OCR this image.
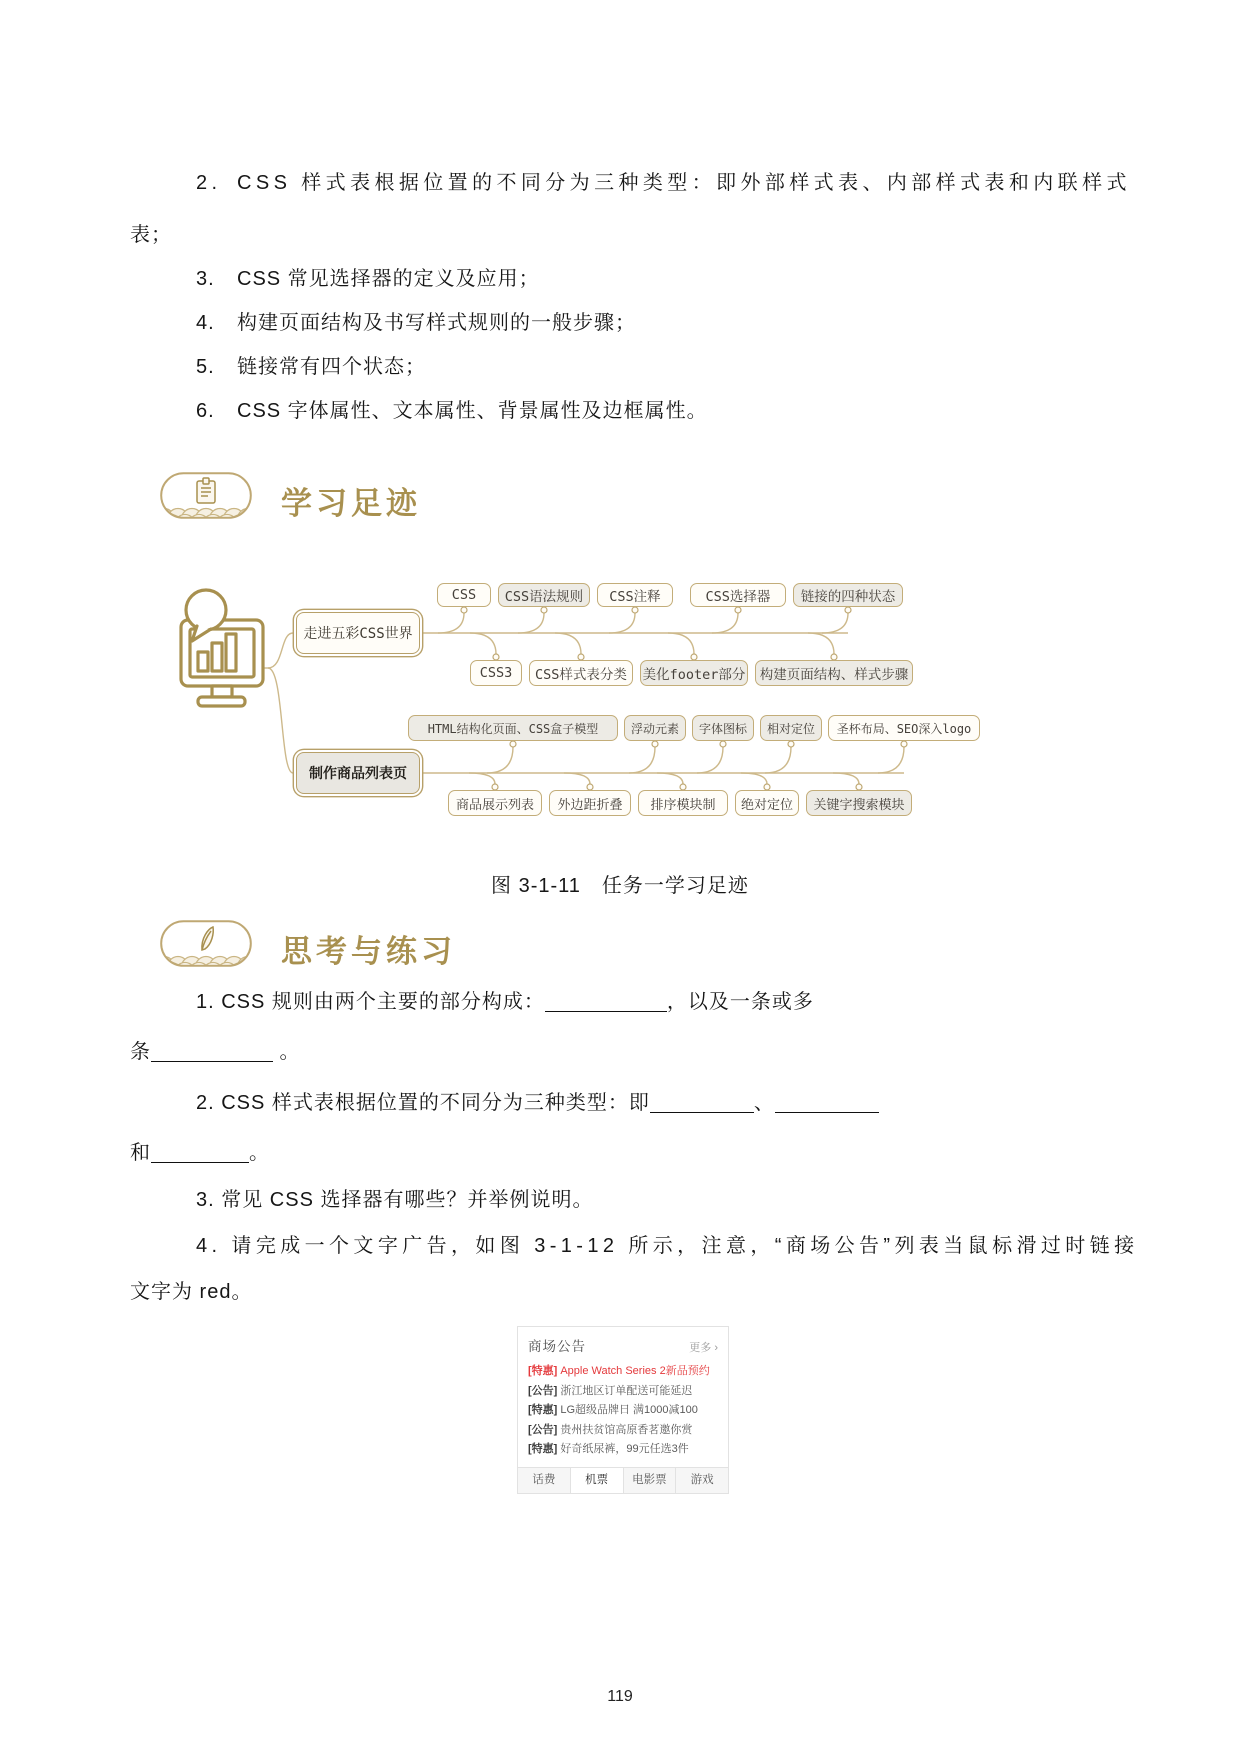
2. CSS 样式表根据位置的不同分为三种类型：即外部样式表、内部样式表和内联样式
表；
3. CSS 常见选择器的定义及应用；
4. 构建页面结构及书写样式规则的一般步骤；
5. 链接常有四个状态；
6. CSS 字体属性、文本属性、背景属性及边框属性。
学习足迹
走进五彩CSS世界
制作商品列表页
CSS	CSS语法规则	CSS注释	CSS选择器	链接的四种状态
CSS3	CSS样式表分类	美化footer部分	构建页面结构、样式步骤
HTML结构化页面、CSS盒子模型	浮动元素	字体图标	相对定位	圣杯布局、SEO深入logo
商品展示列表	外边距折叠	排序模块制	绝对定位	关键字搜索模块
图 3-1-11　任务一学习足迹
思考与练习
1. CSS 规则由两个主要的部分构成：	，以及一条或多
条	。
2. CSS 样式表根据位置的不同分为三种类型：即	、
和	。
3. 常见 CSS 选择器有哪些？并举例说明。
4. 请完成一个文字广告，如图 3-1-12 所示，注意，“商场公告”列表当鼠标滑过时链接
文字为 red。
商场公告	更多 ›
[特惠] Apple Watch Series 2新品预约
[公告] 浙江地区订单配送可能延迟
[特惠] LG超级品牌日 满1000减100
[公告] 贵州扶贫馆高原香茗邀你赏
[特惠] 好奇纸尿裤，99元任选3件
话费	机票	电影票	游戏
119
